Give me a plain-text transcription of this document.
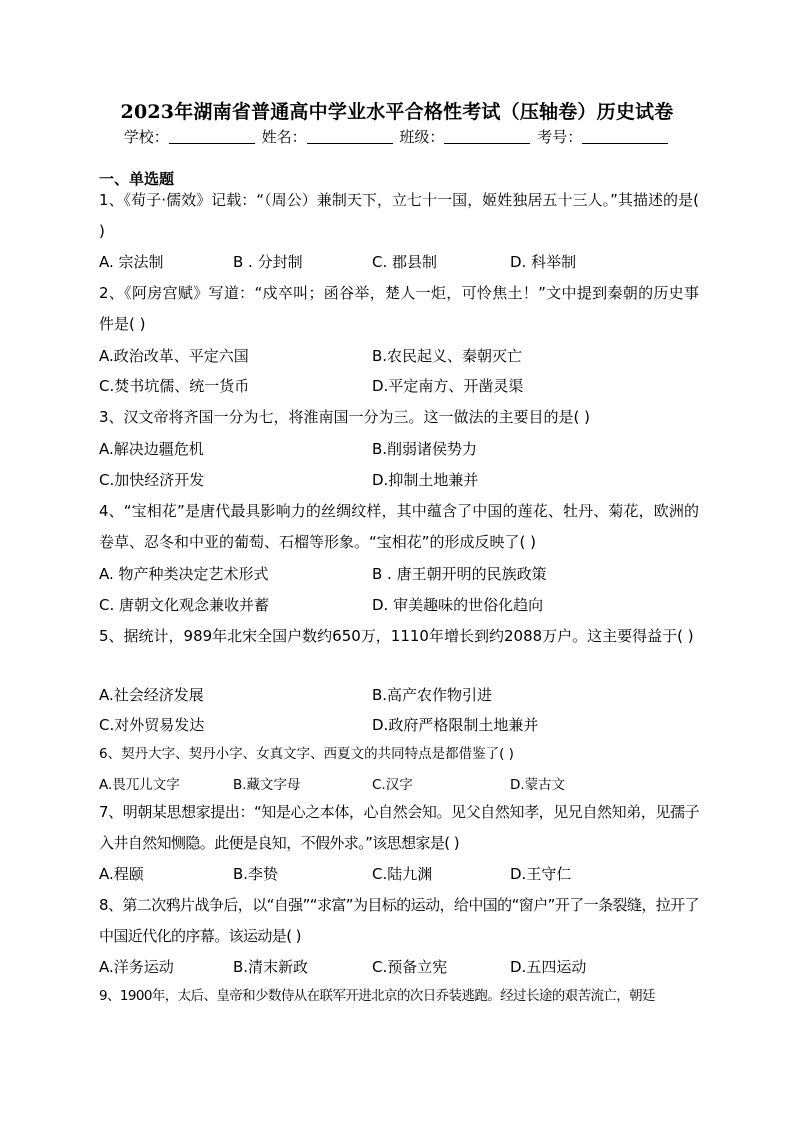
2023年湖南省普通高中学业水平合格性考试（压轴卷）历史试卷
学校：	姓名：	班级：	考号：
一、单选题
1、《荀子·儒效》记载：“（周公）兼制天下，立七十一国，姬姓独居五十三人。”其描述的是( )
A. 宗法制	B . 分封制	C. 郡县制	D. 科举制
2、《阿房宫赋》写道：“戍卒叫；函谷举，楚人一炬，可怜焦土！”文中提到秦朝的历史事件是( )
A.政治改革、平定六国	B.农民起义、秦朝灭亡
C.焚书坑儒、统一货币	D.平定南方、开凿灵渠
3、汉文帝将齐国一分为七，将淮南国一分为三。这一做法的主要目的是( )
A.解决边疆危机	B.削弱诸侯势力
C.加快经济开发	D.抑制土地兼并
4、“宝相花”是唐代最具影响力的丝绸纹样，其中蕴含了中国的莲花、牡丹、菊花，欧洲的卷草、忍冬和中亚的葡萄、石榴等形象。“宝相花”的形成反映了( )
A. 物产种类决定艺术形式	B . 唐王朝开明的民族政策
C. 唐朝文化观念兼收并蓄	D. 审美趣味的世俗化趋向
5、据统计，989年北宋全国户数约650万，1110年增长到约2088万户。这主要得益于( )
A.社会经济发展	B.高产农作物引进
C.对外贸易发达	D.政府严格限制土地兼并
6、契丹大字、契丹小字、女真文字、西夏文的共同特点是都借鉴了( )
A.畏兀儿文字	B.藏文字母	C.汉字	D.蒙古文
7、明朝某思想家提出：“知是心之本体，心自然会知。见父自然知孝，见兄自然知弟，见孺子入井自然知恻隐。此便是良知，不假外求。”该思想家是( )
A.程颐	B.李贽	C.陆九渊	D.王守仁
8、第二次鸦片战争后，以“自强”“求富”为目标的运动，给中国的“窗户”开了一条裂缝，拉开了中国近代化的序幕。该运动是( )
A.洋务运动	B.清末新政	C.预备立宪	D.五四运动
9、1900年，太后、皇帝和少数侍从在联军开进北京的次日乔装逃跑。经过长途的艰苦流亡，朝廷
